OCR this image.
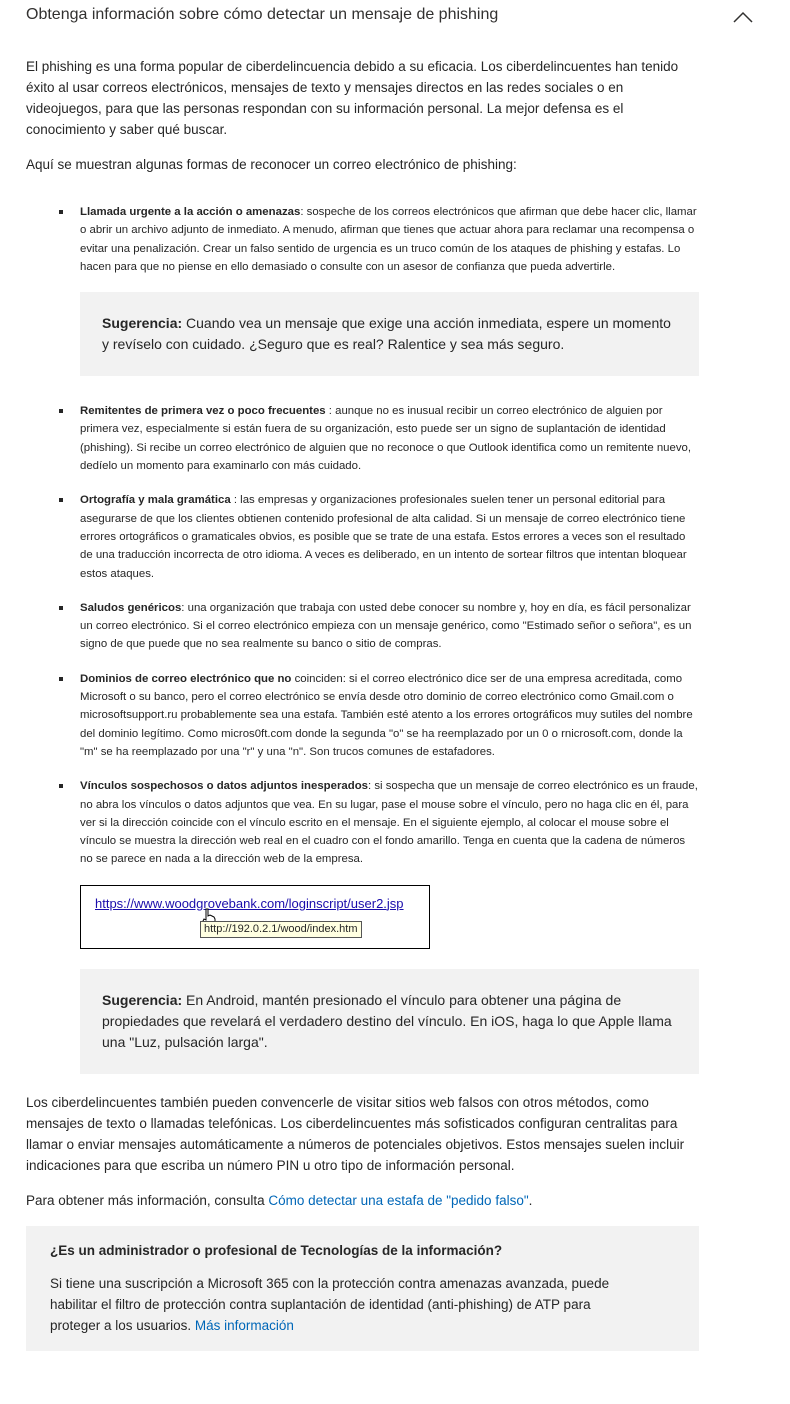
Obtenga información sobre cómo detectar un mensaje de phishing

El phishing es una forma popular de ciberdelincuencia debido a su eficacia. Los ciberdelincuentes han tenido éxito al usar correos electrónicos, mensajes de texto y mensajes directos en las redes sociales o en videojuegos, para que las personas respondan con su información personal. La mejor defensa es el conocimiento y saber qué buscar.

Aquí se muestran algunas formas de reconocer un correo electrónico de phishing:

Llamada urgente a la acción o amenazas: sospeche de los correos electrónicos que afirman que debe hacer clic, llamar o abrir un archivo adjunto de inmediato. A menudo, afirman que tienes que actuar ahora para reclamar una recompensa o evitar una penalización. Crear un falso sentido de urgencia es un truco común de los ataques de phishing y estafas. Lo hacen para que no piense en ello demasiado o consulte con un asesor de confianza que pueda advertirle.
Sugerencia: Cuando vea un mensaje que exige una acción inmediata, espere un momento y revíselo con cuidado. ¿Seguro que es real? Ralentice y sea más seguro.
Remitentes de primera vez o poco frecuentes : aunque no es inusual recibir un correo electrónico de alguien por primera vez, especialmente si están fuera de su organización, esto puede ser un signo de suplantación de identidad (phishing). Si recibe un correo electrónico de alguien que no reconoce o que Outlook identifica como un remitente nuevo, dedíelo un momento para examinarlo con más cuidado.
Ortografía y mala gramática : las empresas y organizaciones profesionales suelen tener un personal editorial para asegurarse de que los clientes obtienen contenido profesional de alta calidad. Si un mensaje de correo electrónico tiene errores ortográficos o gramaticales obvios, es posible que se trate de una estafa. Estos errores a veces son el resultado de una traducción incorrecta de otro idioma. A veces es deliberado, en un intento de sortear filtros que intentan bloquear estos ataques.
Saludos genéricos: una organización que trabaja con usted debe conocer su nombre y, hoy en día, es fácil personalizar un correo electrónico. Si el correo electrónico empieza con un mensaje genérico, como "Estimado señor o señora", es un signo de que puede que no sea realmente su banco o sitio de compras.
Dominios de correo electrónico que no coinciden: si el correo electrónico dice ser de una empresa acreditada, como Microsoft o su banco, pero el correo electrónico se envía desde otro dominio de correo electrónico como Gmail.com o microsoftsupport.ru probablemente sea una estafa. También esté atento a los errores ortográficos muy sutiles del nombre del dominio legítimo. Como micros0ft.com donde la segunda "o" se ha reemplazado por un 0 o rnicrosoft.com, donde la "m" se ha reemplazado por una "r" y una "n". Son trucos comunes de estafadores.
Vínculos sospechosos o datos adjuntos inesperados: si sospecha que un mensaje de correo electrónico es un fraude, no abra los vínculos o datos adjuntos que vea. En su lugar, pase el mouse sobre el vínculo, pero no haga clic en él, para ver si la dirección coincide con el vínculo escrito en el mensaje. En el siguiente ejemplo, al colocar el mouse sobre el vínculo se muestra la dirección web real en el cuadro con el fondo amarillo. Tenga en cuenta que la cadena de números no se parece en nada a la dirección web de la empresa.
https://www.woodgrovebank.com/loginscript/user2.jsp
http://192.0.2.1/wood/index.htm
Sugerencia: En Android, mantén presionado el vínculo para obtener una página de propiedades que revelará el verdadero destino del vínculo. En iOS, haga lo que Apple llama una "Luz, pulsación larga".

Los ciberdelincuentes también pueden convencerle de visitar sitios web falsos con otros métodos, como mensajes de texto o llamadas telefónicas. Los ciberdelincuentes más sofisticados configuran centralitas para llamar o enviar mensajes automáticamente a números de potenciales objetivos. Estos mensajes suelen incluir indicaciones para que escriba un número PIN u otro tipo de información personal.

Para obtener más información, consulta Cómo detectar una estafa de "pedido falso".

¿Es un administrador o profesional de Tecnologías de la información?

Si tiene una suscripción a Microsoft 365 con la protección contra amenazas avanzada, puede habilitar el filtro de protección contra suplantación de identidad (anti-phishing) de ATP para proteger a los usuarios. Más información
